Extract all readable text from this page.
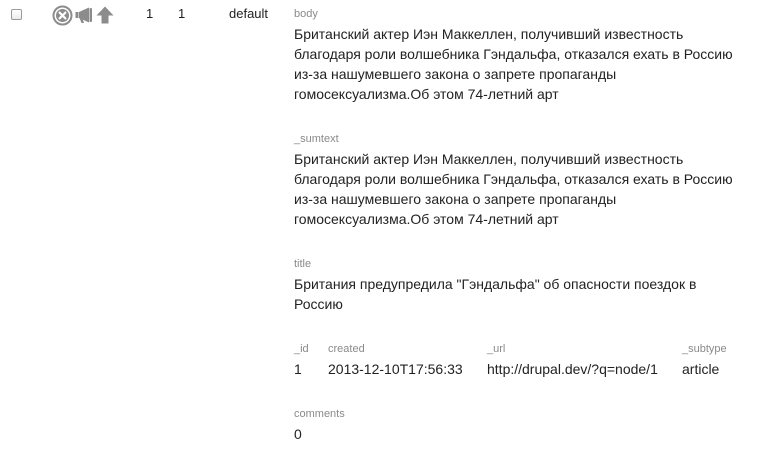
1 1	default body

Британский актер Иэн Маккеллен, получивший известность благодаря роли волшебника Гэндальфа, отказался ехать в Россию из-за нашумевшего закона о запрете пропаганды гомосексуализма.Об этом 74-летний арт

_sumtext

Британский актер Иэн Маккеллен, получивший известность благодаря роли волшебника Гэндальфа, отказался ехать в Россию из-за нашумевшего закона о запрете пропаганды гомосексуализма.Об этом 74-летний арт

title

Британия предупредила "Гэндальфа" об опасности поездок в Россию

_id

1

created

2013-12-10T17:56:33

_url

http://drupal.dev/?q=node/1

_subtype

article

comments

0
